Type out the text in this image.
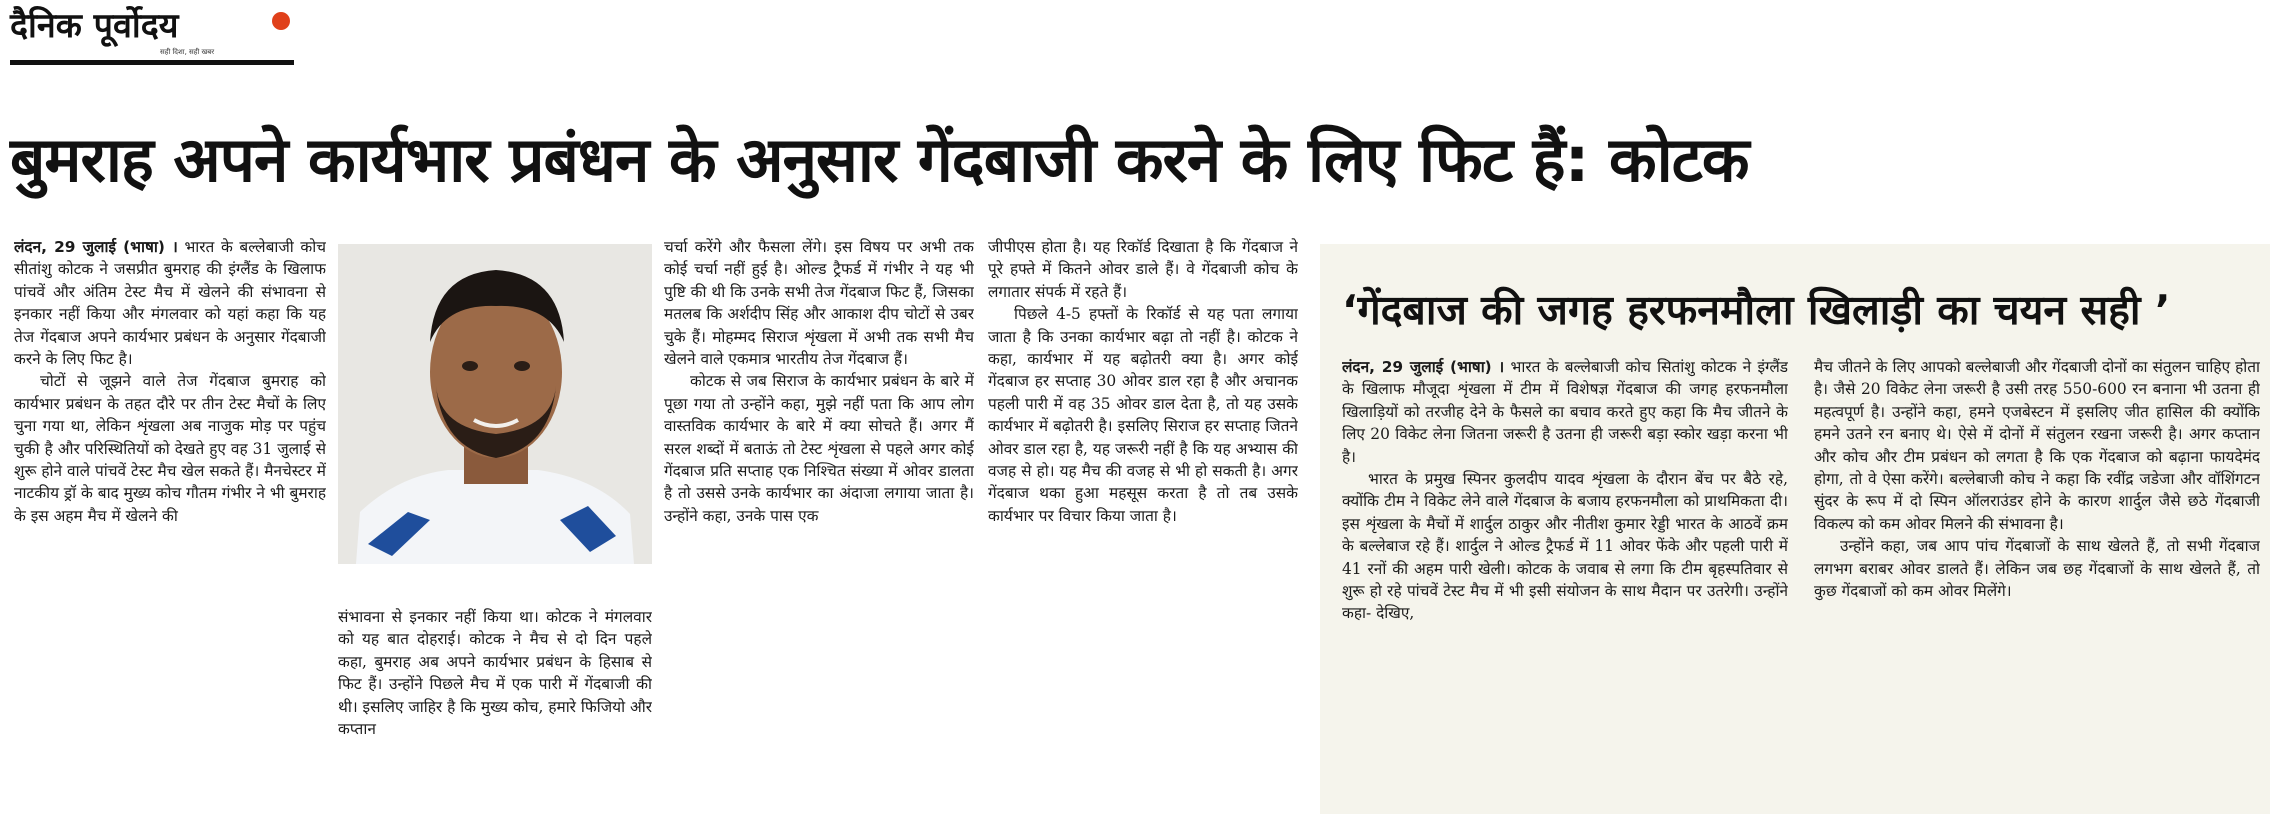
दैनिक पूर्वोदय
सही दिशा, सही खबर
बुमराह अपने कार्यभार प्रबंधन के अनुसार गेंदबाजी करने के लिए फिट हैं: कोटक

लंदन, 29 जुलाई (भाषा) । भारत के बल्लेबाजी कोच सीतांशु कोटक ने जसप्रीत बुमराह की इंग्लैंड के खिलाफ पांचवें और अंतिम टेस्ट मैच में खेलने की संभावना से इनकार नहीं किया और मंगलवार को यहां कहा कि यह तेज गेंदबाज अपने कार्यभार प्रबंधन के अनुसार गेंदबाजी करने के लिए फिट है।

चोटों से जूझने वाले तेज गेंदबाज बुमराह को कार्यभार प्रबंधन के तहत दौरे पर तीन टेस्ट मैचों के लिए चुना गया था, लेकिन शृंखला अब नाजुक मोड़ पर पहुंच चुकी है और परिस्थितियों को देखते हुए वह 31 जुलाई से शुरू होने वाले पांचवें टेस्ट मैच खेल सकते हैं। मैनचेस्टर में नाटकीय ड्रॉ के बाद मुख्य कोच गौतम गंभीर ने भी बुमराह के इस अहम मैच में खेलने की

संभावना से इनकार नहीं किया था। कोटक ने मंगलवार को यह बात दोहराई। कोटक ने मैच से दो दिन पहले कहा, बुमराह अब अपने कार्यभार प्रबंधन के हिसाब से फिट हैं। उन्होंने पिछले मैच में एक पारी में गेंदबाजी की थी। इसलिए जाहिर है कि मुख्य कोच, हमारे फिजियो और कप्तान

चर्चा करेंगे और फैसला लेंगे। इस विषय पर अभी तक कोई चर्चा नहीं हुई है। ओल्ड ट्रैफर्ड में गंभीर ने यह भी पुष्टि की थी कि उनके सभी तेज गेंदबाज फिट हैं, जिसका मतलब कि अर्शदीप सिंह और आकाश दीप चोटों से उबर चुके हैं। मोहम्मद सिराज शृंखला में अभी तक सभी मैच खेलने वाले एकमात्र भारतीय तेज गेंदबाज हैं।

कोटक से जब सिराज के कार्यभार प्रबंधन के बारे में पूछा गया तो उन्होंने कहा, मुझे नहीं पता कि आप लोग वास्तविक कार्यभार के बारे में क्या सोचते हैं। अगर मैं सरल शब्दों में बताऊं तो टेस्ट शृंखला से पहले अगर कोई गेंदबाज प्रति सप्ताह एक निश्चित संख्या में ओवर डालता है तो उससे उनके कार्यभार का अंदाजा लगाया जाता है। उन्होंने कहा, उनके पास एक

जीपीएस होता है। यह रिकॉर्ड दिखाता है कि गेंदबाज ने पूरे हफ्ते में कितने ओवर डाले हैं। वे गेंदबाजी कोच के लगातार संपर्क में रहते हैं।

पिछले 4-5 हफ्तों के रिकॉर्ड से यह पता लगाया जाता है कि उनका कार्यभार बढ़ा तो नहीं है। कोटक ने कहा, कार्यभार में यह बढ़ोतरी क्या है। अगर कोई गेंदबाज हर सप्ताह 30 ओवर डाल रहा है और अचानक पहली पारी में वह 35 ओवर डाल देता है, तो यह उसके कार्यभार में बढ़ोतरी है। इसलिए सिराज हर सप्ताह जितने ओवर डाल रहा है, यह जरूरी नहीं है कि यह अभ्यास की वजह से हो। यह मैच की वजह से भी हो सकती है। अगर गेंदबाज थका हुआ महसूस करता है तो तब उसके कार्यभार पर विचार किया जाता है।

‘गेंदबाज की जगह हरफनमौला खिलाड़ी का चयन सही ’

लंदन, 29 जुलाई (भाषा) । भारत के बल्लेबाजी कोच सितांशु कोटक ने इंग्लैंड के खिलाफ मौजूदा शृंखला में टीम में विशेषज्ञ गेंदबाज की जगह हरफनमौला खिलाड़ियों को तरजीह देने के फैसले का बचाव करते हुए कहा कि मैच जीतने के लिए 20 विकेट लेना जितना जरूरी है उतना ही जरूरी बड़ा स्कोर खड़ा करना भी है।

भारत के प्रमुख स्पिनर कुलदीप यादव शृंखला के दौरान बेंच पर बैठे रहे, क्योंकि टीम ने विकेट लेने वाले गेंदबाज के बजाय हरफनमौला को प्राथमिकता दी। इस शृंखला के मैचों में शार्दुल ठाकुर और नीतीश कुमार रेड्डी भारत के आठवें क्रम के बल्लेबाज रहे हैं। शार्दुल ने ओल्ड ट्रैफर्ड में 11 ओवर फेंके और पहली पारी में 41 रनों की अहम पारी खेली। कोटक के जवाब से लगा कि टीम बृहस्पतिवार से शुरू हो रहे पांचवें टेस्ट मैच में भी इसी संयोजन के साथ मैदान पर उतरेगी। उन्होंने कहा- देखिए,

मैच जीतने के लिए आपको बल्लेबाजी और गेंदबाजी दोनों का संतुलन चाहिए होता है। जैसे 20 विकेट लेना जरूरी है उसी तरह 550-600 रन बनाना भी उतना ही महत्वपूर्ण है। उन्होंने कहा, हमने एजबेस्टन में इसलिए जीत हासिल की क्योंकि हमने उतने रन बनाए थे। ऐसे में दोनों में संतुलन रखना जरूरी है। अगर कप्तान और कोच और टीम प्रबंधन को लगता है कि एक गेंदबाज को बढ़ाना फायदेमंद होगा, तो वे ऐसा करेंगे। बल्लेबाजी कोच ने कहा कि रवींद्र जडेजा और वॉशिंगटन सुंदर के रूप में दो स्पिन ऑलराउंडर होने के कारण शार्दुल जैसे छठे गेंदबाजी विकल्प को कम ओवर मिलने की संभावना है।

उन्होंने कहा, जब आप पांच गेंदबाजों के साथ खेलते हैं, तो सभी गेंदबाज लगभग बराबर ओवर डालते हैं। लेकिन जब छह गेंदबाजों के साथ खेलते हैं, तो कुछ गेंदबाजों को कम ओवर मिलेंगे।
